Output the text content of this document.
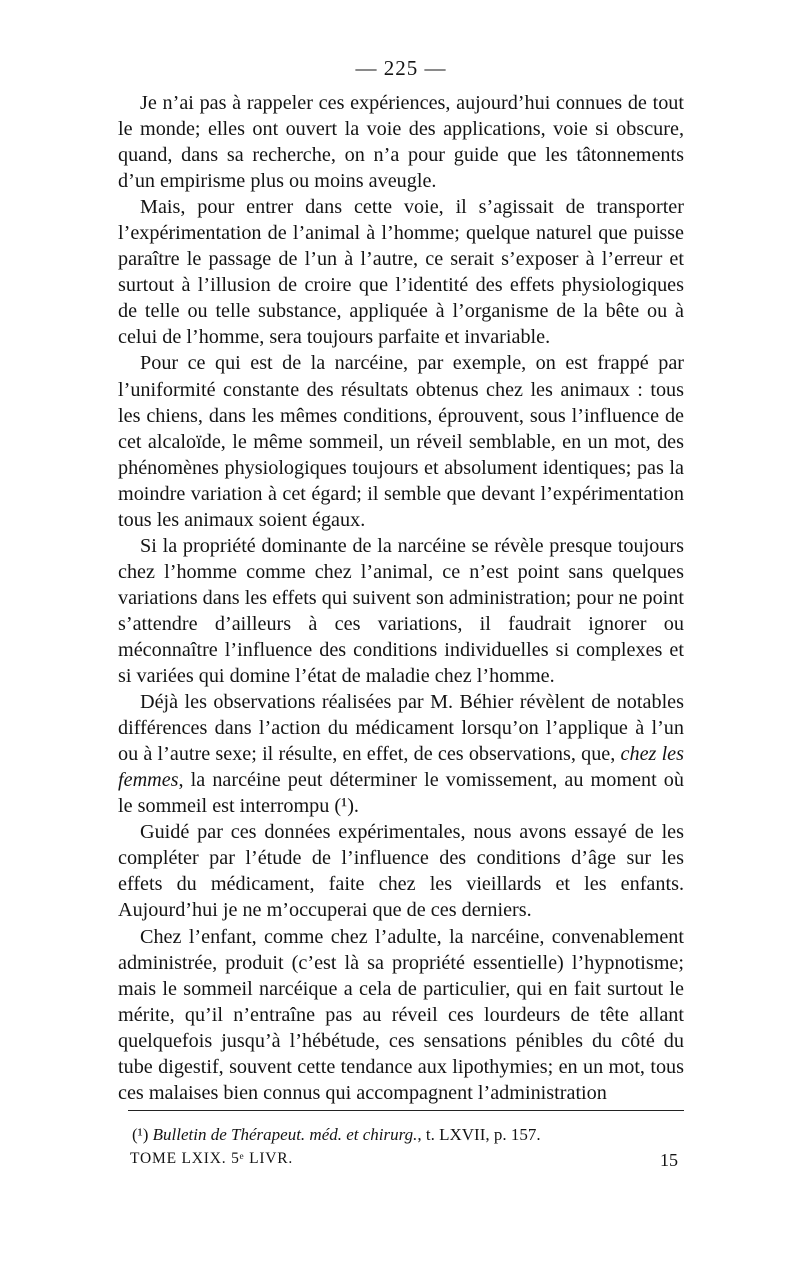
— 225 —

Je n’ai pas à rappeler ces expériences, aujourd’hui connues de tout le monde; elles ont ouvert la voie des applications, voie si obscure, quand, dans sa recherche, on n’a pour guide que les tâtonnements d’un empirisme plus ou moins aveugle.

Mais, pour entrer dans cette voie, il s’agissait de transporter l’expérimentation de l’animal à l’homme; quelque naturel que puisse paraître le passage de l’un à l’autre, ce serait s’exposer à l’erreur et surtout à l’illusion de croire que l’identité des effets physiologiques de telle ou telle substance, appliquée à l’organisme de la bête ou à celui de l’homme, sera toujours parfaite et invariable.

Pour ce qui est de la narcéine, par exemple, on est frappé par l’uniformité constante des résultats obtenus chez les animaux : tous les chiens, dans les mêmes conditions, éprouvent, sous l’influence de cet alcaloïde, le même sommeil, un réveil semblable, en un mot, des phénomènes physiologiques toujours et absolument identiques; pas la moindre variation à cet égard; il semble que devant l’expérimentation tous les animaux soient égaux.

Si la propriété dominante de la narcéine se révèle presque toujours chez l’homme comme chez l’animal, ce n’est point sans quelques variations dans les effets qui suivent son administration; pour ne point s’attendre d’ailleurs à ces variations, il faudrait ignorer ou méconnaître l’influence des conditions individuelles si complexes et si variées qui domine l’état de maladie chez l’homme.

Déjà les observations réalisées par M. Béhier révèlent de notables différences dans l’action du médicament lorsqu’on l’applique à l’un ou à l’autre sexe; il résulte, en effet, de ces observations, que, chez les femmes, la narcéine peut déterminer le vomissement, au moment où le sommeil est interrompu (¹).

Guidé par ces données expérimentales, nous avons essayé de les compléter par l’étude de l’influence des conditions d’âge sur les effets du médicament, faite chez les vieillards et les enfants. Aujourd’hui je ne m’occuperai que de ces derniers.

Chez l’enfant, comme chez l’adulte, la narcéine, convenablement administrée, produit (c’est là sa propriété essentielle) l’hypnotisme; mais le sommeil narcéique a cela de particulier, qui en fait surtout le mérite, qu’il n’entraîne pas au réveil ces lourdeurs de tête allant quelquefois jusqu’à l’hébétude, ces sensations pénibles du côté du tube digestif, souvent cette tendance aux lipothymies; en un mot, tous ces malaises bien connus qui accompagnent l’administration

(¹) Bulletin de Thérapeut. méd. et chirurg., t. LXVII, p. 157.
TOME LXIX. 5ᵉ LIVR.	15
